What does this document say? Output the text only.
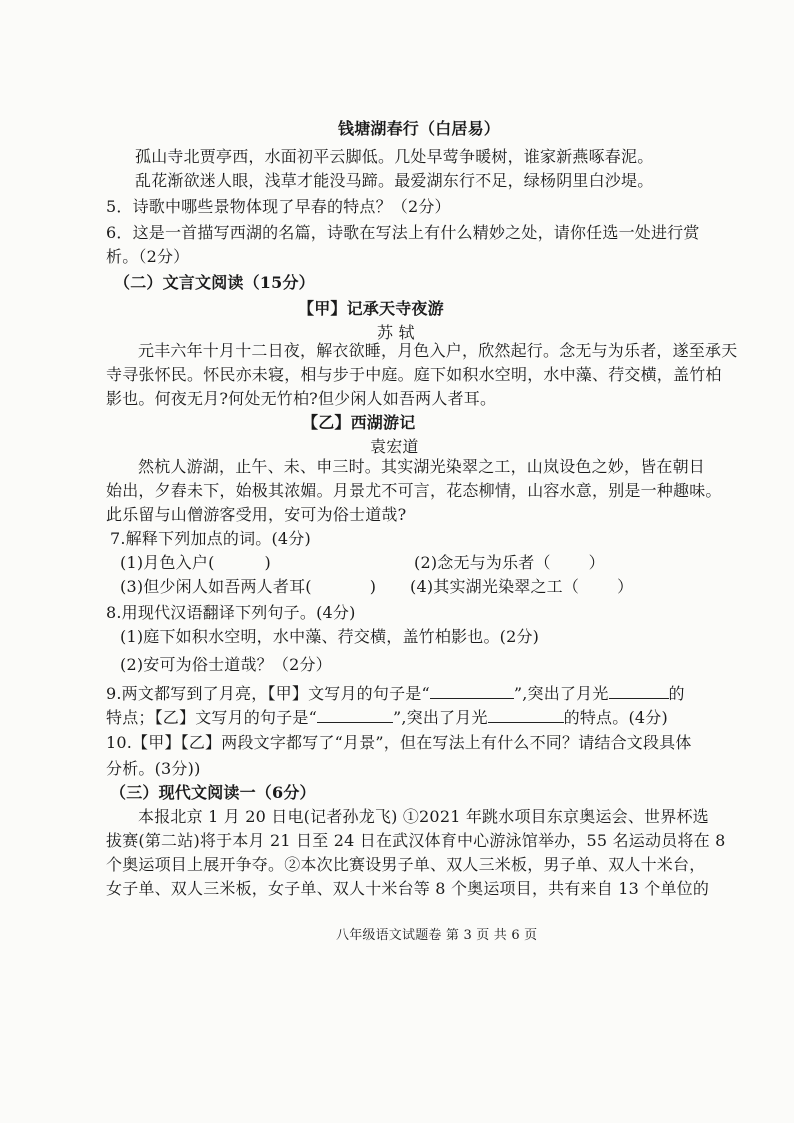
钱塘湖春行（白居易）
孤山寺北贾亭西，水面初平云脚低。几处早莺争暖树，谁家新燕啄春泥。
乱花渐欲迷人眼，浅草才能没马蹄。最爱湖东行不足，绿杨阴里白沙堤。
5．诗歌中哪些景物体现了早春的特点？（2分）
6．这是一首描写西湖的名篇，诗歌在写法上有什么精妙之处，请你任选一处进行赏
析。（2分）
（二）文言文阅读（15分）
【甲】记承天寺夜游
苏 轼
元丰六年十月十二日夜，解衣欲睡，月色入户，欣然起行。念无与为乐者，遂至承天
寺寻张怀民。怀民亦未寝，相与步于中庭。庭下如积水空明，水中藻、荇交横，盖竹柏
影也。何夜无月?何处无竹柏?但少闲人如吾两人者耳。
【乙】西湖游记
袁宏道
然杭人游湖，止午、未、申三时。其实湖光染翠之工，山岚设色之妙，皆在朝日
始出，夕舂未下，始极其浓媚。月景尤不可言，花态柳情，山容水意，别是一种趣味。
此乐留与山僧游客受用，安可为俗士道哉?
7.解释下列加点的词。(4分)
(1)月色入户(	)	(2)念无与为乐者（ ）
(3)但少闲人如吾两人者耳(	) (4)其实湖光染翠之工（ ）
8.用现代汉语翻译下列句子。(4分)
(1)庭下如积水空明，水中藻、荇交横，盖竹柏影也。(2分)
(2)安可为俗士道哉？（2分）
9.两文都写到了月亮，【甲】文写月的句子是“	”,突出了月光	的
特点；【乙】文写月的句子是“	”,突出了月光	的特点。(4分)
10.【甲】【乙】两段文字都写了“月景”，但在写法上有什么不同？请结合文段具体
分析。(3分))
（三）现代文阅读一（6分）
本报北京 1 月 20 日电(记者孙龙飞) ①2021 年跳水项目东京奥运会、世界杯选
拔赛(第二站)将于本月 21 日至 24 日在武汉体育中心游泳馆举办，55 名运动员将在 8
个奥运项目上展开争夺。②本次比赛设男子单、双人三米板，男子单、双人十米台，
女子单、双人三米板，女子单、双人十米台等 8 个奥运项目，共有来自 13 个单位的
八年级语文试题卷 第 3 页 共 6 页
